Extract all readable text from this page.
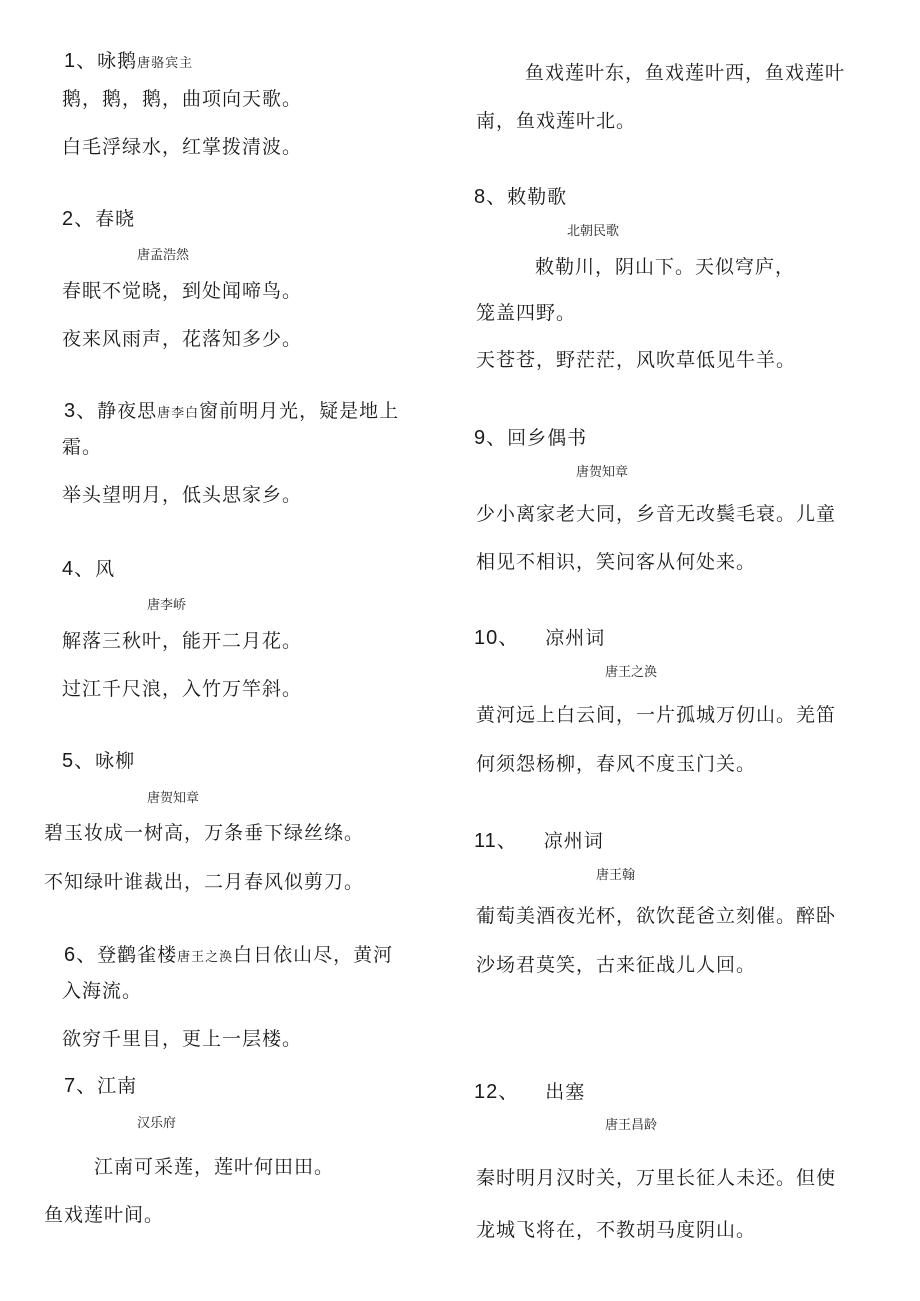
1、咏鹅唐骆宾主
鹅，鹅，鹅，曲项向天歌。
白毛浮绿水，红掌拨清波。
2、春晓
唐孟浩然
春眠不觉晓，到处闻啼鸟。
夜来风雨声，花落知多少。
3、静夜思唐李白窗前明月光，疑是地上
霜。
举头望明月，低头思家乡。
4、风
唐李峤
解落三秋叶，能开二月花。
过江千尺浪，入竹万竿斜。
5、咏柳
唐贺知章
碧玉妆成一树高，万条垂下绿丝绦。
不知绿叶谁裁出，二月春风似剪刀。
6、登鹳雀楼唐王之涣白日依山尽，黄河
入海流。
欲穷千里目，更上一层楼。
7、江南
汉乐府
江南可采莲，莲叶何田田。
鱼戏莲叶间。
鱼戏莲叶东，鱼戏莲叶西，鱼戏莲叶
南，鱼戏莲叶北。
8、敕勒歌
北朝民歌
敕勒川，阴山下。天似穹庐，
笼盖四野。
天苍苍，野茫茫，风吹草低见牛羊。
9、回乡偶书
唐贺知章
少小离家老大同，乡音无改鬓毛衰。儿童
相见不相识，笑问客从何处来。
10、 凉州词
唐王之涣
黄河远上白云间，一片孤城万仞山。羌笛
何须怨杨柳，春风不度玉门关。
11、 凉州词
唐王翰
葡萄美酒夜光杯，欲饮琵爸立刻催。醉卧
沙场君莫笑，古来征战儿人回。
12、 出塞
唐王昌龄
秦时明月汉时关，万里长征人未还。但使
龙城飞将在，不教胡马度阴山。
